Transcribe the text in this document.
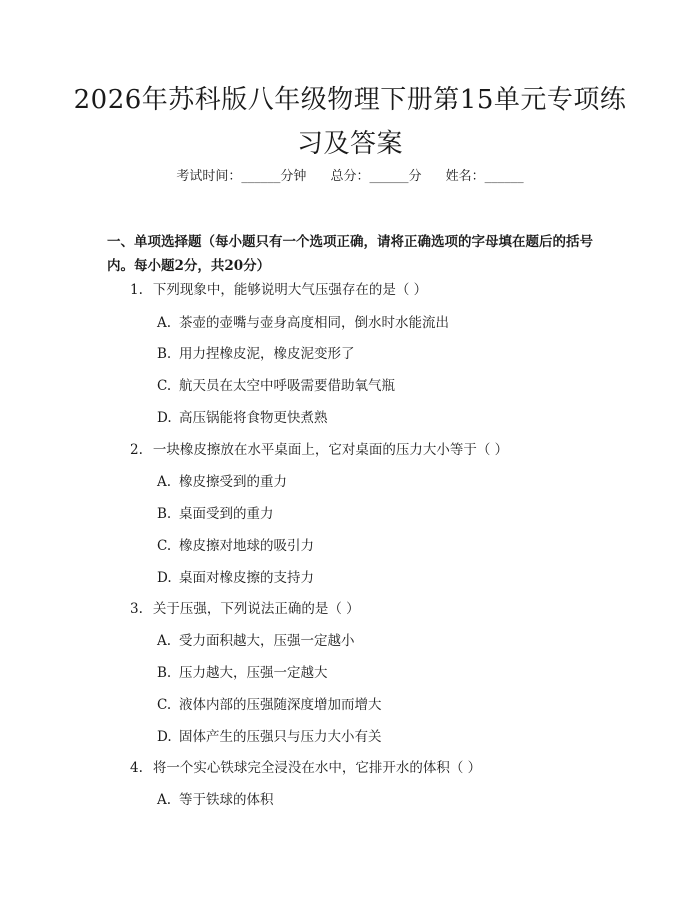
2026年苏科版八年级物理下册第15单元专项练习及答案
考试时间：______分钟 总分：______分 姓名：______

一、单项选择题（每小题只有一个选项正确，请将正确选项的字母填在题后的括号内。每小题2分，共20分）

1. 下列现象中，能够说明大气压强存在的是（ ）
A. 茶壶的壶嘴与壶身高度相同，倒水时水能流出
B. 用力捏橡皮泥，橡皮泥变形了
C. 航天员在太空中呼吸需要借助氧气瓶
D. 高压锅能将食物更快煮熟
2. 一块橡皮擦放在水平桌面上，它对桌面的压力大小等于（ ）
A. 橡皮擦受到的重力
B. 桌面受到的重力
C. 橡皮擦对地球的吸引力
D. 桌面对橡皮擦的支持力
3. 关于压强，下列说法正确的是（ ）
A. 受力面积越大，压强一定越小
B. 压力越大，压强一定越大
C. 液体内部的压强随深度增加而增大
D. 固体产生的压强只与压力大小有关
4. 将一个实心铁球完全浸没在水中，它排开水的体积（ ）
A. 等于铁球的体积
